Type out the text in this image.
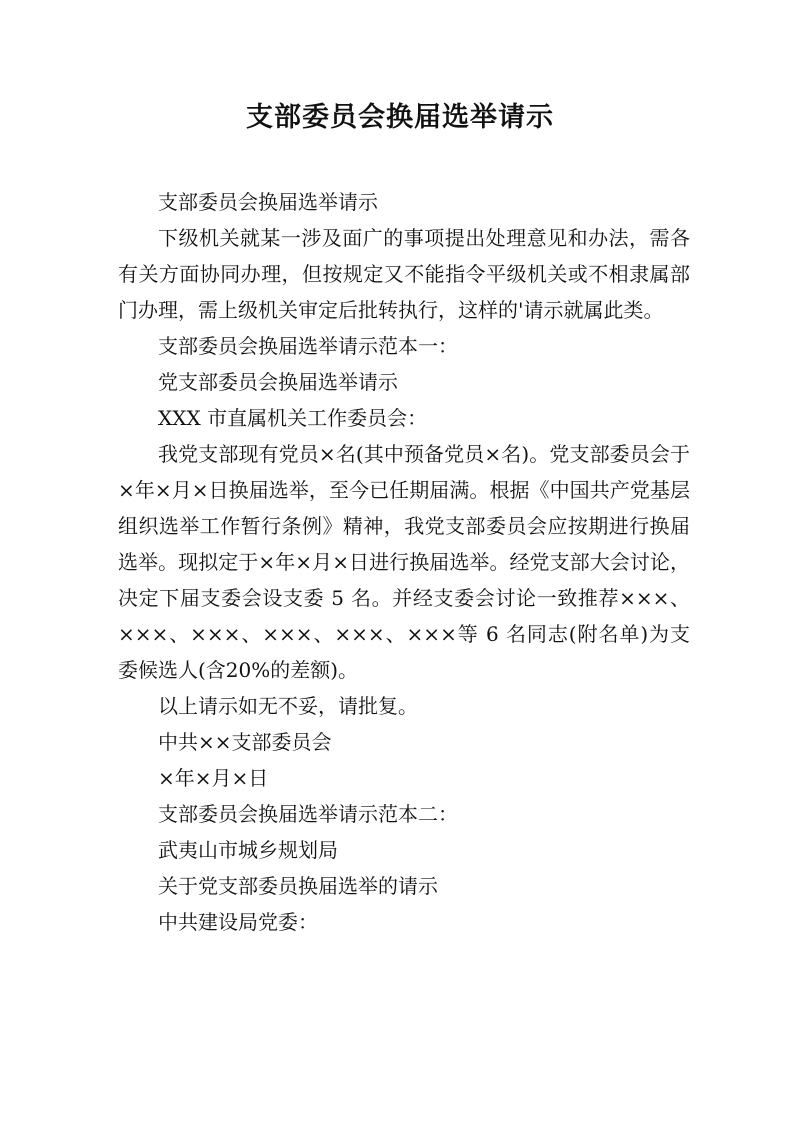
支部委员会换届选举请示

支部委员会换届选举请示

下级机关就某一涉及面广的事项提出处理意见和办法，需各有关方面协同办理，但按规定又不能指令平级机关或不相隶属部门办理，需上级机关审定后批转执行，这样的'请示就属此类。

支部委员会换届选举请示范本一：

党支部委员会换届选举请示

XXX 市直属机关工作委员会：

我党支部现有党员×名(其中预备党员×名)。党支部委员会于×年×月×日换届选举，至今已任期届满。根据《中国共产党基层组织选举工作暂行条例》精神，我党支部委员会应按期进行换届选举。现拟定于×年×月×日进行换届选举。经党支部大会讨论，决定下届支委会设支委 5 名。并经支委会讨论一致推荐×××、×××、×××、×××、×××、×××等 6 名同志(附名单)为支委候选人(含20%的差额)。

以上请示如无不妥，请批复。

中共××支部委员会

×年×月×日

支部委员会换届选举请示范本二：

武夷山市城乡规划局

关于党支部委员换届选举的请示

中共建设局党委：
